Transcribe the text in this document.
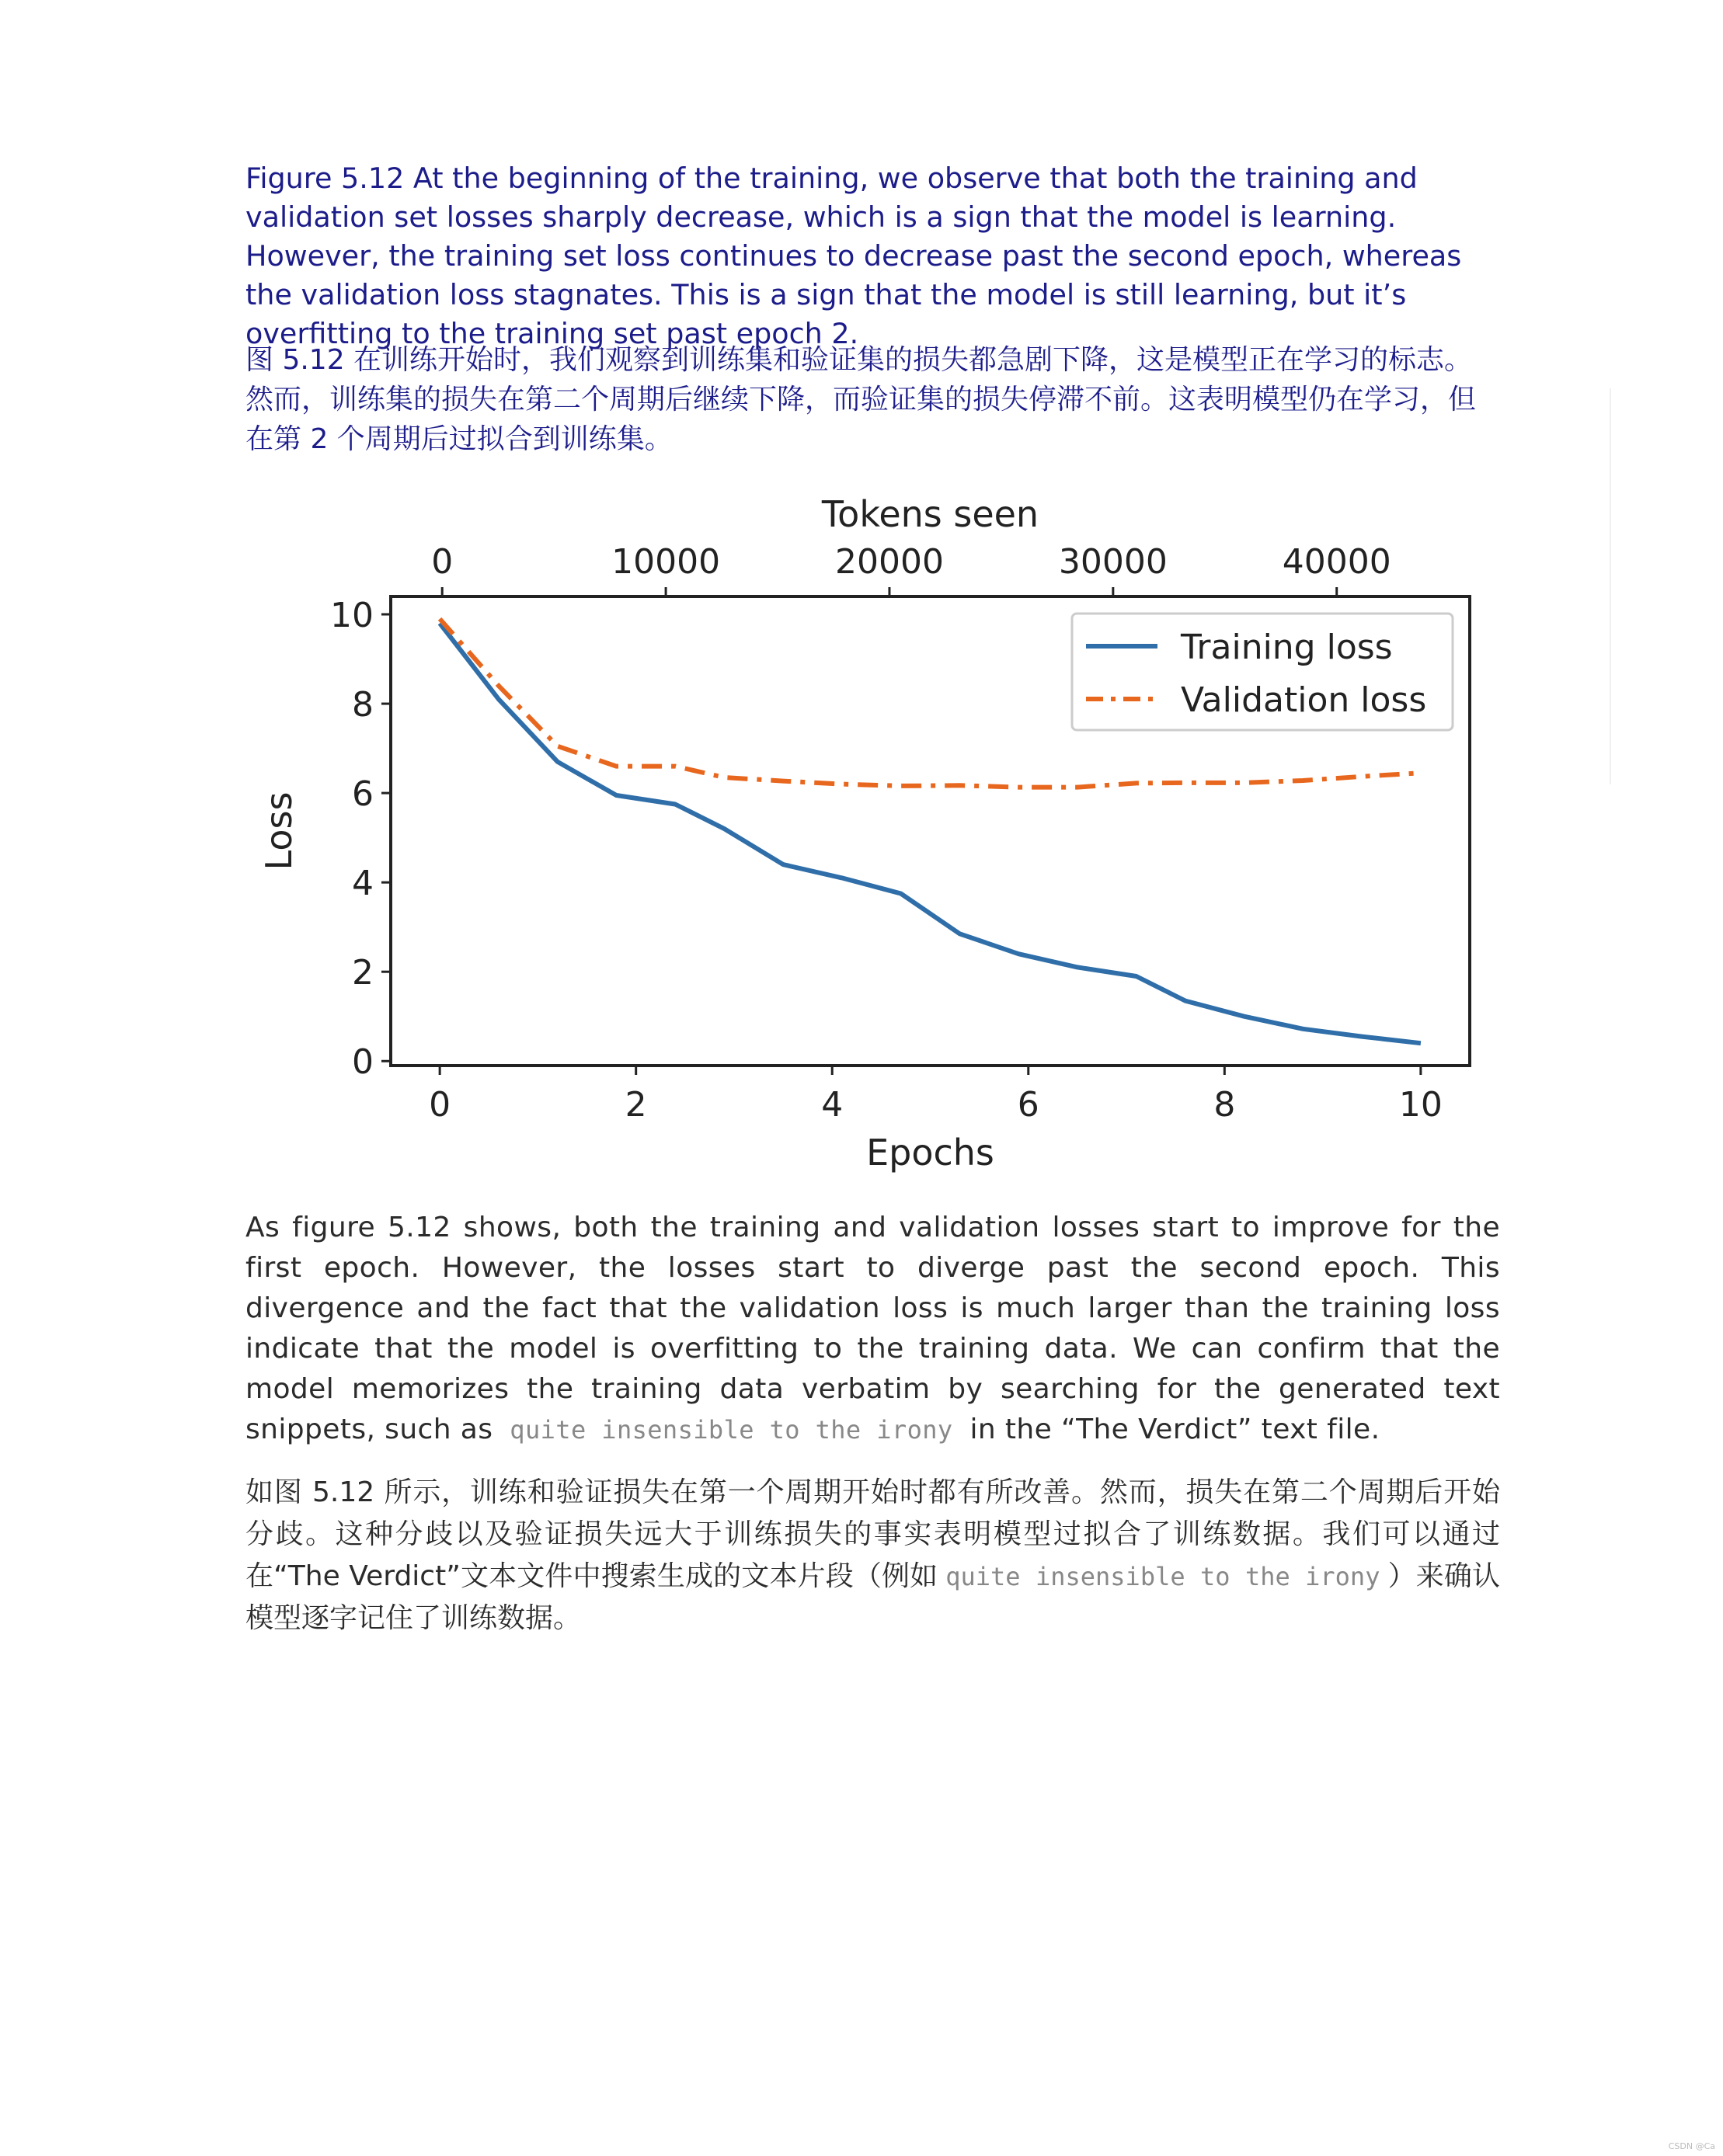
Figure 5.12 At the beginning of the training, we observe that both the training and validation set losses sharply decrease, which is a sign that the model is learning. However, the training set loss continues to decrease past the second epoch, whereas the validation loss stagnates. This is a sign that the model is still learning, but it’s overfitting to the training set past epoch 2.
图 5.12 在训练开始时，我们观察到训练集和验证集的损失都急剧下降，这是模型正在学习的标志。然而，训练集的损失在第二个周期后继续下降，而验证集的损失停滞不前。这表明模型仍在学习，但在第 2 个周期后过拟合到训练集。
0	2	4	6	8	10
0
2
4
6
8
10
0	10000	20000	30000	40000
Epochs
Tokens seen
Loss
Training loss
Validation loss
As figure 5.12 shows, both the training and validation losses start to improve for the first epoch. However, the losses start to diverge past the second epoch. This divergence and the fact that the validation loss is much larger than the training loss indicate that the model is overfitting to the training data. We can confirm that the model memorizes the training data verbatim by searching for the generated text snippets, such as quite insensible to the irony in the “The Verdict” text file.
如图 5.12 所示，训练和验证损失在第一个周期开始时都有所改善。然而，损失在第二个周期后开始分歧。这种分歧以及验证损失远大于训练损失的事实表明模型过拟合了训练数据。我们可以通过在“The Verdict”文本文件中搜索生成的文本片段（例如 quite insensible to the irony ）来确认模型逐字记住了训练数据。
CSDN @Ca
